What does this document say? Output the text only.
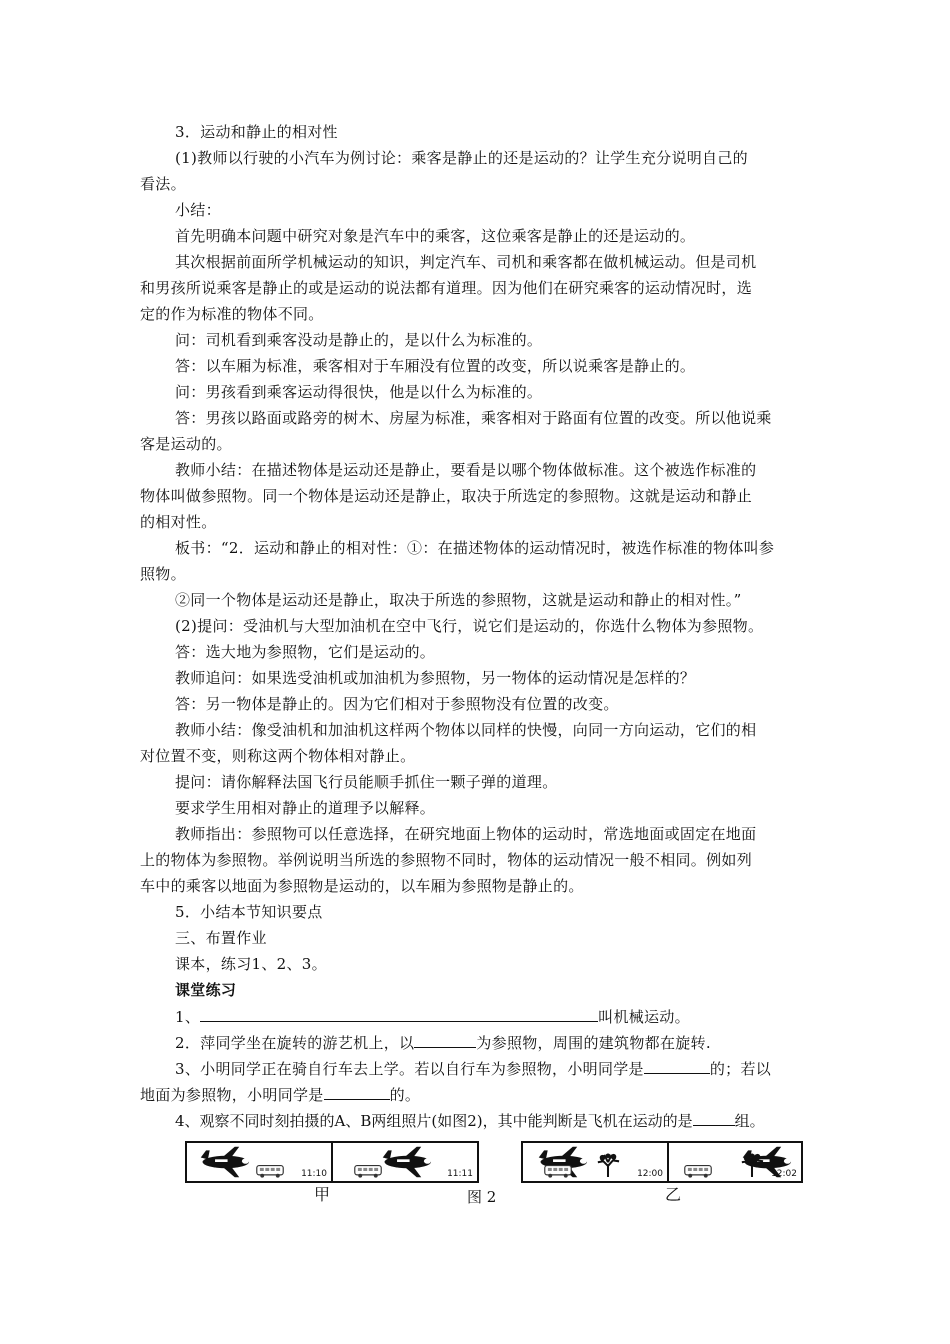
3．运动和静止的相对性
(1)教师以行驶的小汽车为例讨论：乘客是静止的还是运动的？让学生充分说明自己的
看法。
小结：
首先明确本问题中研究对象是汽车中的乘客，这位乘客是静止的还是运动的。
其次根据前面所学机械运动的知识，判定汽车、司机和乘客都在做机械运动。但是司机
和男孩所说乘客是静止的或是运动的说法都有道理。因为他们在研究乘客的运动情况时，选
定的作为标准的物体不同。
问：司机看到乘客没动是静止的，是以什么为标准的。
答：以车厢为标准，乘客相对于车厢没有位置的改变，所以说乘客是静止的。
问：男孩看到乘客运动得很快，他是以什么为标准的。
答：男孩以路面或路旁的树木、房屋为标准，乘客相对于路面有位置的改变。所以他说乘
客是运动的。
教师小结：在描述物体是运动还是静止，要看是以哪个物体做标准。这个被选作标准的
物体叫做参照物。同一个物体是运动还是静止，取决于所选定的参照物。这就是运动和静止
的相对性。
板书：“2．运动和静止的相对性：①：在描述物体的运动情况时，被选作标准的物体叫参
照物。
②同一个物体是运动还是静止，取决于所选的参照物，这就是运动和静止的相对性。”
(2)提问：受油机与大型加油机在空中飞行，说它们是运动的，你选什么物体为参照物。
答：选大地为参照物，它们是运动的。
教师追问：如果选受油机或加油机为参照物，另一物体的运动情况是怎样的？
答：另一物体是静止的。因为它们相对于参照物没有位置的改变。
教师小结：像受油机和加油机这样两个物体以同样的快慢，向同一方向运动，它们的相
对位置不变，则称这两个物体相对静止。
提问：请你解释法国飞行员能顺手抓住一颗子弹的道理。
要求学生用相对静止的道理予以解释。
教师指出：参照物可以任意选择，在研究地面上物体的运动时，常选地面或固定在地面
上的物体为参照物。举例说明当所选的参照物不同时，物体的运动情况一般不相同。例如列
车中的乘客以地面为参照物是运动的，以车厢为参照物是静止的。
5．小结本节知识要点
三、布置作业
课本，练习1、2、3。
课堂练习
1、	叫机械运动。
2．萍同学坐在旋转的游艺机上，以	为参照物，周围的建筑物都在旋转.
3、小明同学正在骑自行车去上学。若以自行车为参照物，小明同学是	的；若以
地面为参照物，小明同学是	的。
4、观察不同时刻拍摄的A、B两组照片(如图2)，其中能判断是飞机在运动的是	组。
11:10	11:11	12:00	12:02
甲	图 2	乙
